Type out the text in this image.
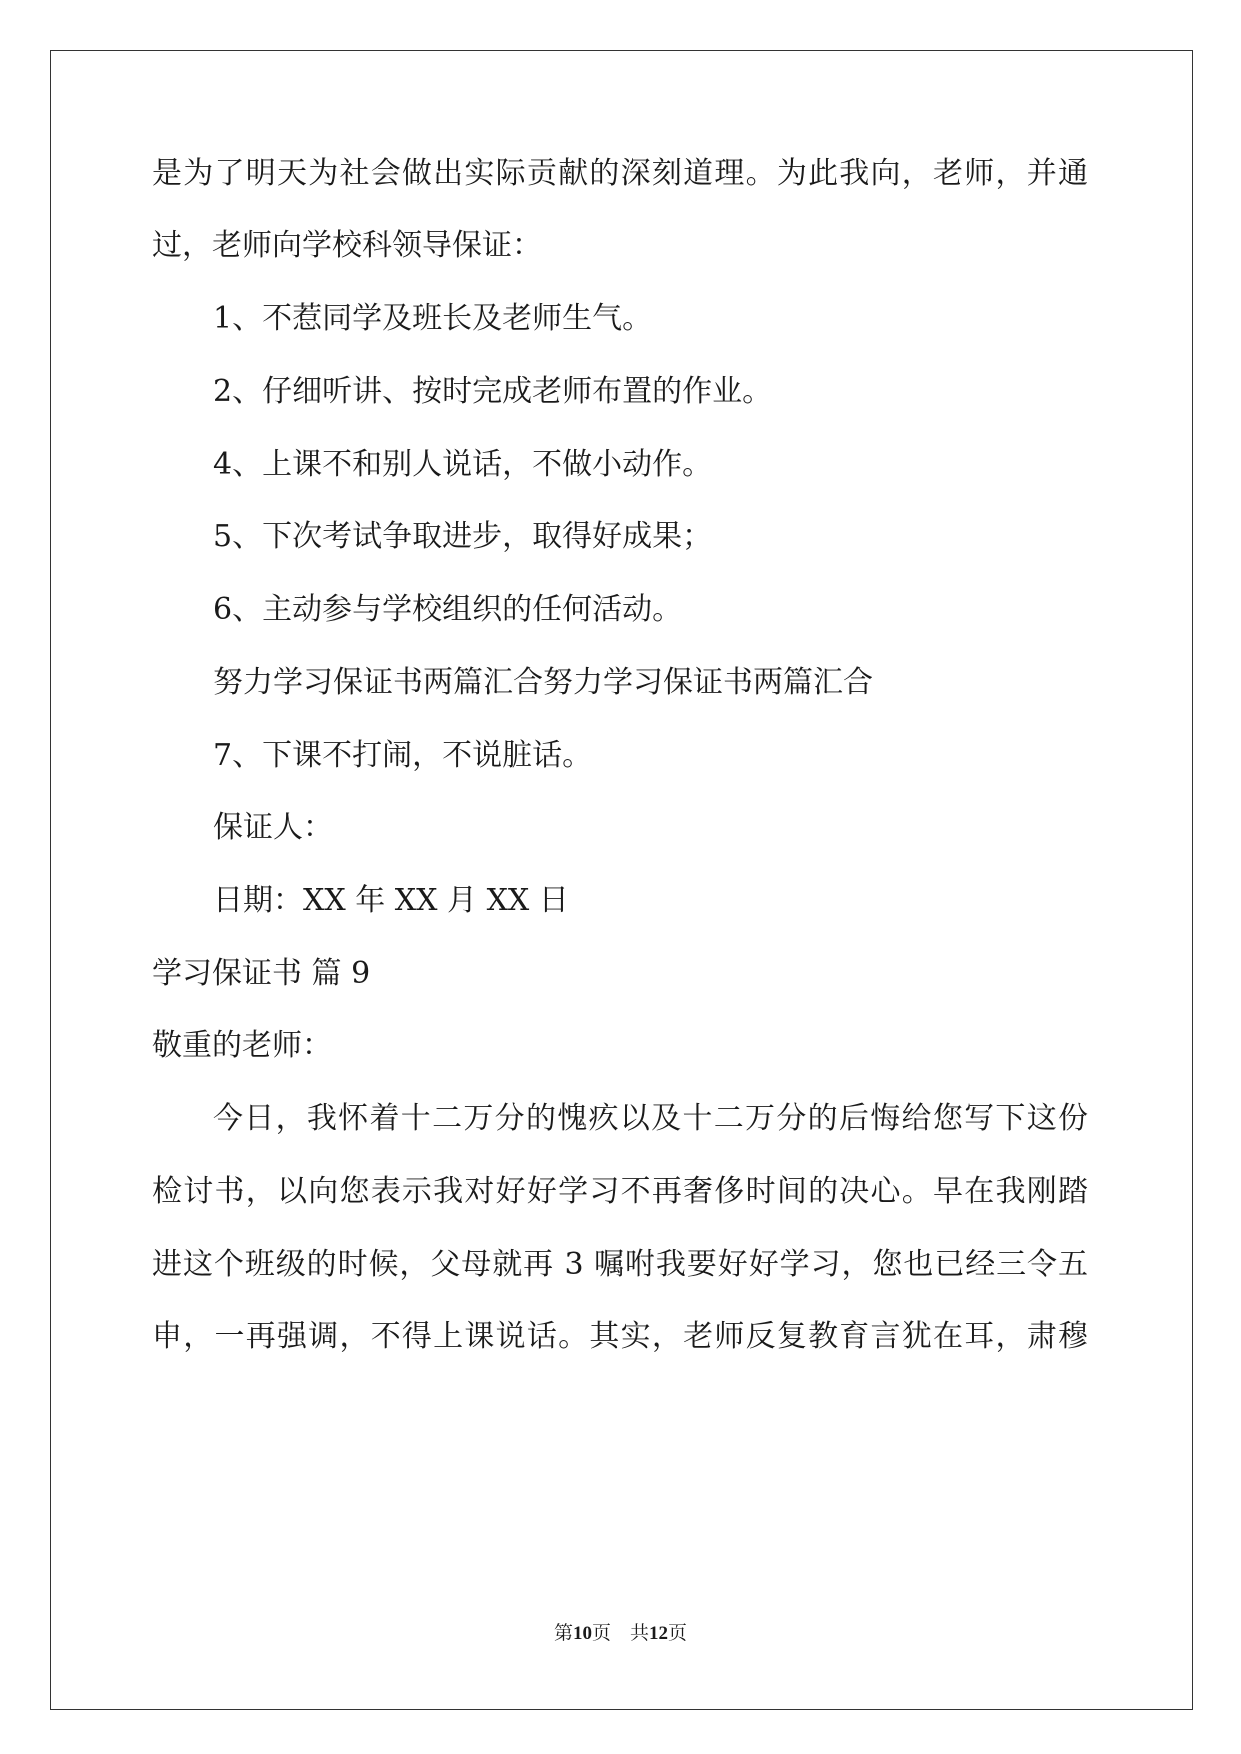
是为了明天为社会做出实际贡献的深刻道理。为此我向，老师，并通
过，老师向学校科领导保证：
1、不惹同学及班长及老师生气。
2、仔细听讲、按时完成老师布置的作业。
4、上课不和别人说话，不做小动作。
5、下次考试争取进步，取得好成果；
6、主动参与学校组织的任何活动。
努力学习保证书两篇汇合努力学习保证书两篇汇合
7、下课不打闹，不说脏话。
保证人：
日期：XX 年 XX 月 XX 日
学习保证书 篇 9
敬重的老师：
今日，我怀着十二万分的愧疚以及十二万分的后悔给您写下这份
检讨书，以向您表示我对好好学习不再奢侈时间的决心。早在我刚踏
进这个班级的时候，父母就再 3 嘱咐我要好好学习，您也已经三令五
申，一再强调，不得上课说话。其实，老师反复教育言犹在耳，肃穆
第10页　共12页
